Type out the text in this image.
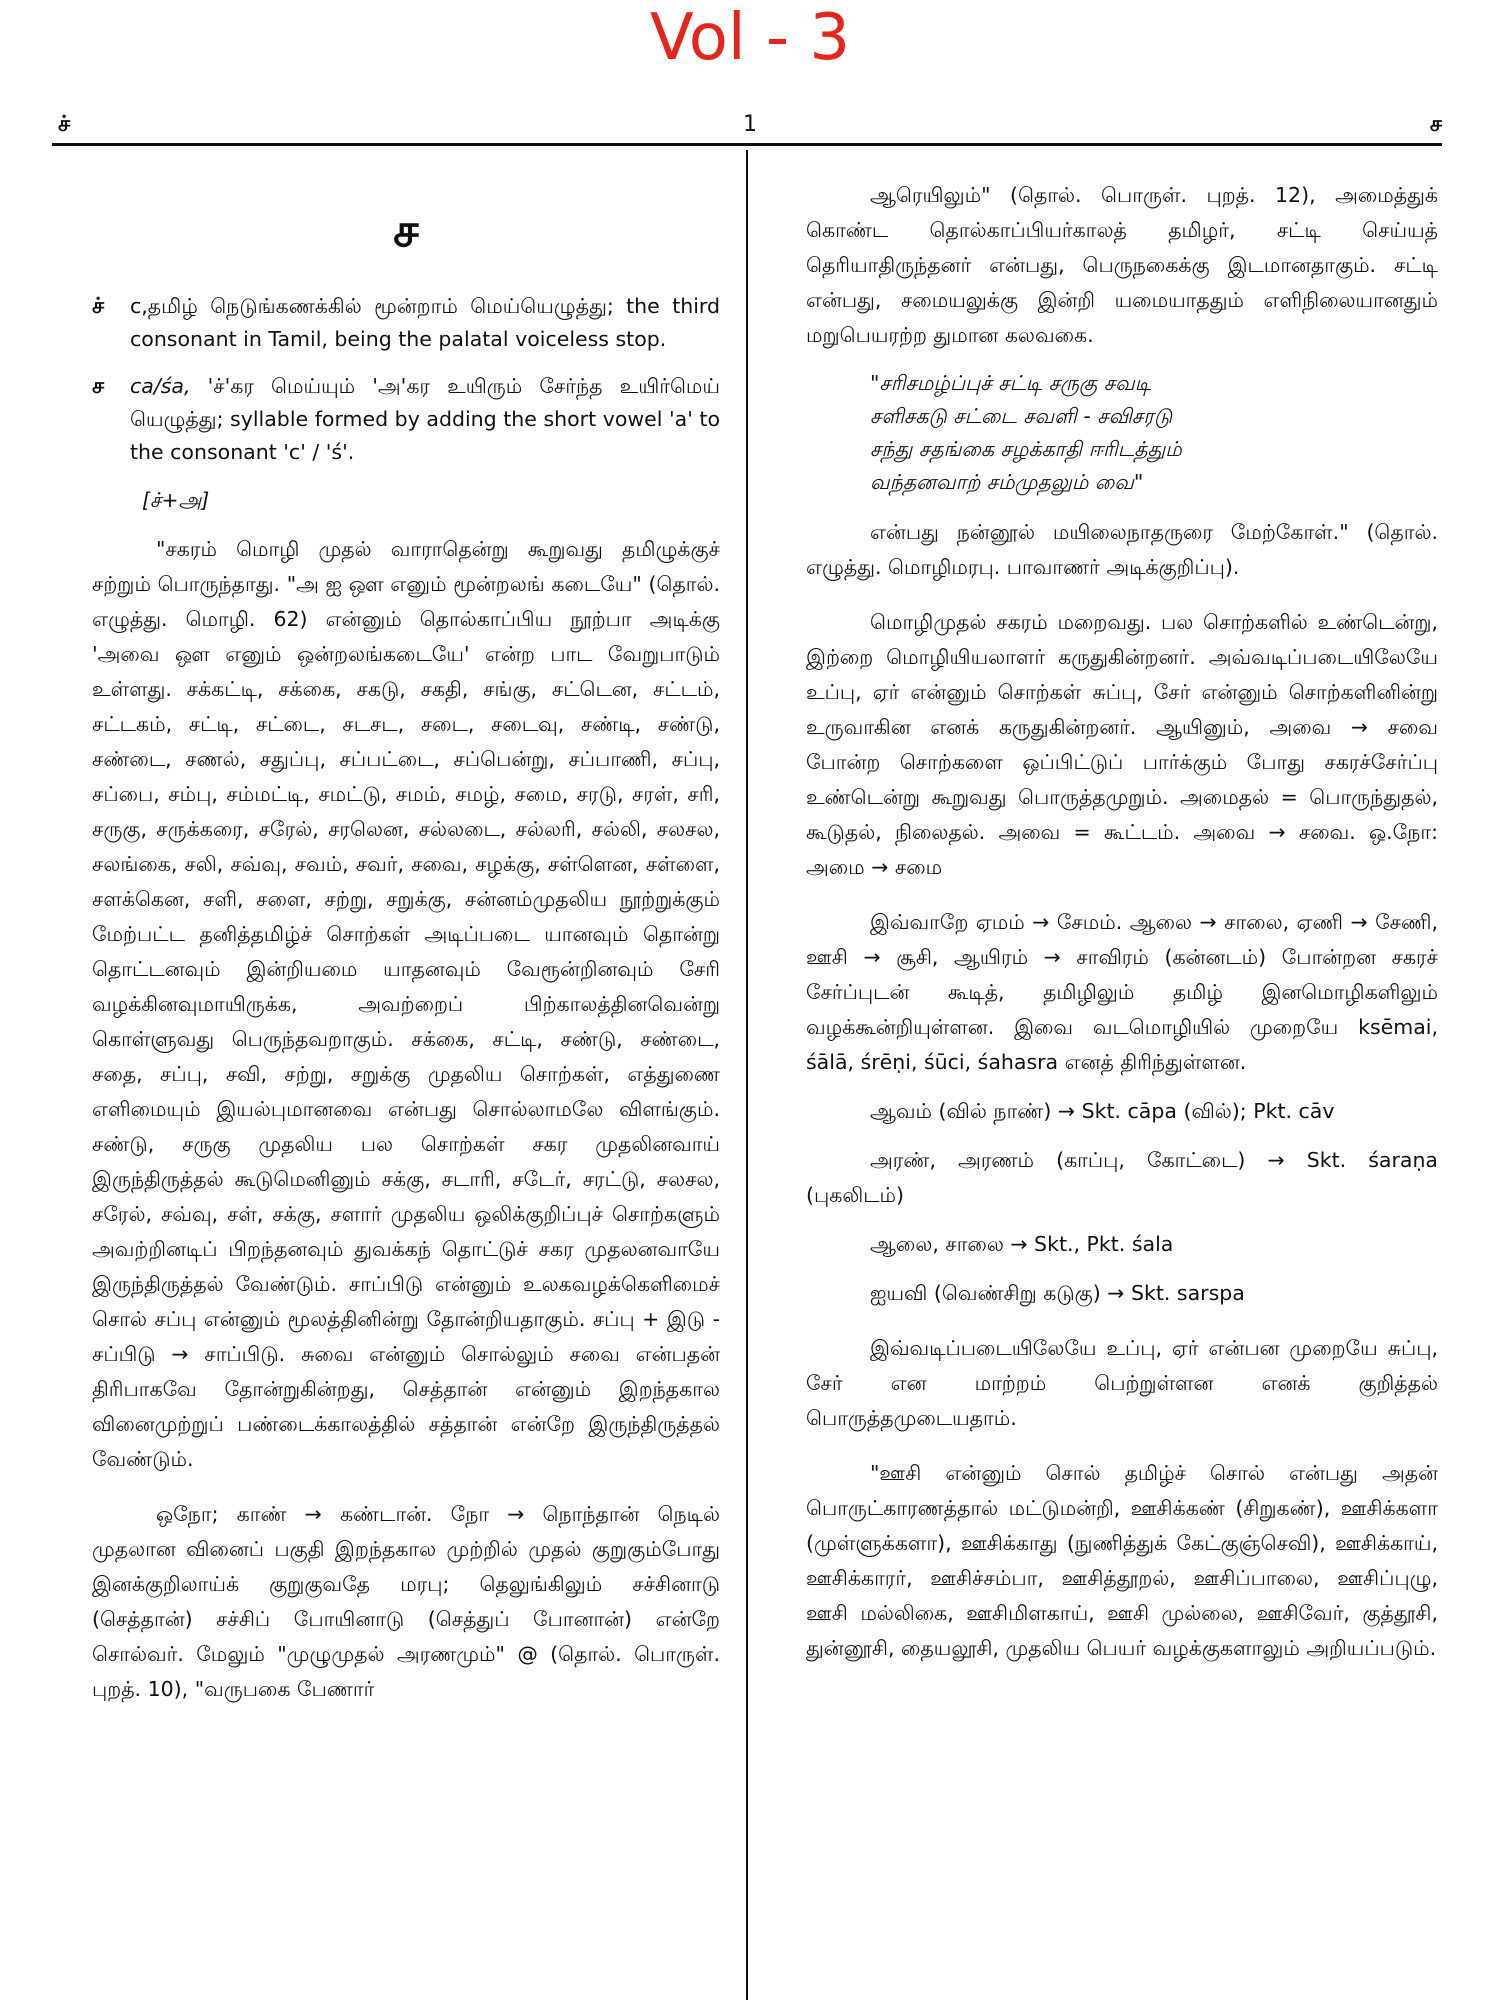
Vol - 3
ச்	1	ச

ச

ச் c,தமிழ் நெடுங்கணக்கில் மூன்றாம் மெய்யெழுத்து; the third consonant in Tamil, being the palatal voiceless stop.

ச ca/śa, 'ச்'கர மெய்யும் 'அ'கர உயிரும் சேர்ந்த உயிர்மெய் யெழுத்து; syllable formed by adding the short vowel 'a' to the consonant 'c' / 'ś'.

[ச்+அ]

"சகரம் மொழி முதல் வாராதென்று கூறுவது தமிழுக்குச் சற்றும் பொருந்தாது. "அ ஐ ஔ எனும் மூன்றலங் கடையே" (தொல். எழுத்து. மொழி. 62) என்னும் தொல்காப்பிய நூற்பா அடிக்கு 'அவை ஔ எனும் ஒன்றலங்கடையே' என்ற பாட வேறுபாடும் உள்ளது. சக்கட்டி, சக்கை, சகடு, சகதி, சங்கு, சட்டென, சட்டம், சட்டகம், சட்டி, சட்டை, சடசட, சடை, சடைவு, சண்டி, சண்டு, சண்டை, சணல், சதுப்பு, சப்பட்டை, சப்பென்று, சப்பாணி, சப்பு, சப்பை, சம்பு, சம்மட்டி, சமட்டு, சமம், சமழ், சமை, சரடு, சரள், சரி, சருகு, சருக்கரை, சரேல், சரலென, சல்லடை, சல்லரி, சல்லி, சலசல, சலங்கை, சலி, சவ்வு, சவம், சவர், சவை, சழக்கு, சள்ளென, சள்ளை, சளக்கென, சளி, சளை, சற்று, சறுக்கு, சன்னம்முதலிய நூற்றுக்கும் மேற்பட்ட தனித்தமிழ்ச் சொற்கள் அடிப்படை யானவும் தொன்று தொட்டனவும் இன்றியமை யாதனவும் வேரூன்றினவும் சேரி வழக்கினவுமாயிருக்க, அவற்றைப் பிற்காலத்தினவென்று கொள்ளுவது பெருந்தவறாகும். சக்கை, சட்டி, சண்டு, சண்டை, சதை, சப்பு, சவி, சற்று, சறுக்கு முதலிய சொற்கள், எத்துணை எளிமையும் இயல்புமானவை என்பது சொல்லாமலே விளங்கும். சண்டு, சருகு முதலிய பல சொற்கள் சகர முதலினவாய் இருந்திருத்தல் கூடுமெனினும் சக்கு, சடாரி, சடேர், சரட்டு, சலசல, சரேல், சவ்வு, சள், சக்கு, சளார் முதலிய ஒலிக்குறிப்புச் சொற்களும் அவற்றினடிப் பிறந்தனவும் துவக்கந் தொட்டுச் சகர முதலனவாயே இருந்திருத்தல் வேண்டும். சாப்பிடு என்னும் உலகவழக்கெளிமைச் சொல் சப்பு என்னும் மூலத்தினின்று தோன்றியதாகும். சப்பு + இடு - சப்பிடு → சாப்பிடு. சுவை என்னும் சொல்லும் சவை என்பதன் திரிபாகவே தோன்றுகின்றது, செத்தான் என்னும் இறந்தகால வினைமுற்றுப் பண்டைக்காலத்தில் சத்தான் என்றே இருந்திருத்தல் வேண்டும்.

ஒநோ; காண் → கண்டான். நோ → நொந்தான் நெடில் முதலான வினைப் பகுதி இறந்தகால முற்றில் முதல் குறுகும்போது இனக்குறிலாய்க் குறுகுவதே மரபு; தெலுங்கிலும் சச்சினாடு (செத்தான்) சச்சிப் போயினாடு (செத்துப் போனான்) என்றே சொல்வர். மேலும் "முழுமுதல் அரணமும்" @ (தொல். பொருள். புறத். 10), "வருபகை பேணார்

ஆரெயிலும்" (தொல். பொருள். புறத். 12), அமைத்துக் கொண்ட தொல்காப்பியர்காலத் தமிழர், சட்டி செய்யத் தெரியாதிருந்தனர் என்பது, பெருநகைக்கு இடமானதாகும். சட்டி என்பது, சமையலுக்கு இன்றி யமையாததும் எளிநிலையானதும் மறுபெயரற்ற துமான கலவகை.

"சரிசமழ்ப்புச் சட்டி சருகு சவடி
சளிசகடு சட்டை சவளி - சவிசரடு
சந்து சதங்கை சழக்காதி ஈரிடத்தும்
வந்தனவாற் சம்முதலும் வை"

என்பது நன்னூல் மயிலைநாதருரை மேற்கோள்." (தொல். எழுத்து. மொழிமரபு. பாவாணர் அடிக்குறிப்பு).

மொழிமுதல் சகரம் மறைவது. பல சொற்களில் உண்டென்று, இற்றை மொழியியலாளர் கருதுகின்றனர். அவ்வடிப்படையிலேயே உப்பு, ஏர் என்னும் சொற்கள் சுப்பு, சேர் என்னும் சொற்களினின்று உருவாகின எனக் கருதுகின்றனர். ஆயினும், அவை → சவை போன்ற சொற்களை ஒப்பிட்டுப் பார்க்கும் போது சகரச்சேர்ப்பு உண்டென்று கூறுவது பொருத்தமுறும். அமைதல் = பொருந்துதல், கூடுதல், நிலைதல். அவை = கூட்டம். அவை → சவை. ஒ.நோ: அமை → சமை

இவ்வாறே ஏமம் → சேமம். ஆலை → சாலை, ஏணி → சேணி, ஊசி → சூசி, ஆயிரம் → சாவிரம் (கன்னடம்) போன்றன சகரச் சேர்ப்புடன் கூடித், தமிழிலும் தமிழ் இனமொழிகளிலும் வழக்கூன்றியுள்ளன. இவை வடமொழியில் முறையே ksēmai, śālā, śrēṇi, śūci, śahasra எனத் திரிந்துள்ளன.

ஆவம் (வில் நாண்) → Skt. cāpa (வில்); Pkt. cāv

அரண், அரணம் (காப்பு, கோட்டை) → Skt. śaraṇa (புகலிடம்)

ஆலை, சாலை → Skt., Pkt. śala

ஐயவி (வெண்சிறு கடுகு) → Skt. sarspa

இவ்வடிப்படையிலேயே உப்பு, ஏர் என்பன முறையே சுப்பு, சேர் என மாற்றம் பெற்றுள்ளன எனக் குறித்தல் பொருத்தமுடையதாம்.

"ஊசி என்னும் சொல் தமிழ்ச் சொல் என்பது அதன் பொருட்காரணத்தால் மட்டுமன்றி, ஊசிக்கண் (சிறுகண்), ஊசிக்களா (முள்ளுக்களா), ஊசிக்காது (நுணித்துக் கேட்குஞ்செவி), ஊசிக்காய், ஊசிக்காரர், ஊசிச்சம்பா, ஊசித்தூறல், ஊசிப்பாலை, ஊசிப்புழு, ஊசி மல்லிகை, ஊசிமிளகாய், ஊசி முல்லை, ஊசிவேர், குத்தூசி, துன்னூசி, தையலூசி, முதலிய பெயர் வழக்குகளாலும் அறியப்படும்.
